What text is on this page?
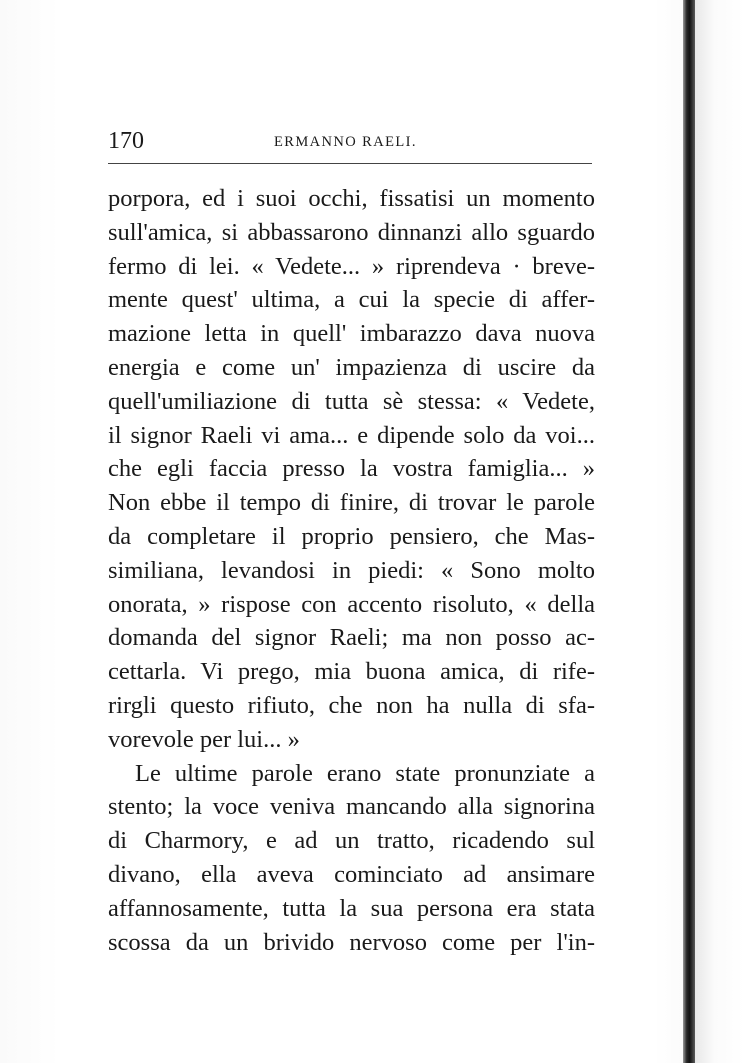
170	ERMANNO RAELI.
porpora, ed i suoi occhi, fissatisi un momento
sull'amica, si abbassarono dinnanzi allo sguardo
fermo di lei. « Vedete... » riprendeva · breve-
mente quest' ultima, a cui la specie di affer-
mazione letta in quell' imbarazzo dava nuova
energia e come un' impazienza di uscire da
quell'umiliazione di tutta sè stessa: « Vedete,
il signor Raeli vi ama... e dipende solo da voi...
che egli faccia presso la vostra famiglia... »
Non ebbe il tempo di finire, di trovar le parole
da completare il proprio pensiero, che Mas-
similiana, levandosi in piedi: « Sono molto
onorata, » rispose con accento risoluto, « della
domanda del signor Raeli; ma non posso ac-
cettarla. Vi prego, mia buona amica, di rife-
rirgli questo rifiuto, che non ha nulla di sfa-
vorevole per lui... »
Le ultime parole erano state pronunziate a
stento; la voce veniva mancando alla signorina
di Charmory, e ad un tratto, ricadendo sul
divano, ella aveva cominciato ad ansimare
affannosamente, tutta la sua persona era stata
scossa da un brivido nervoso come per l'in-
